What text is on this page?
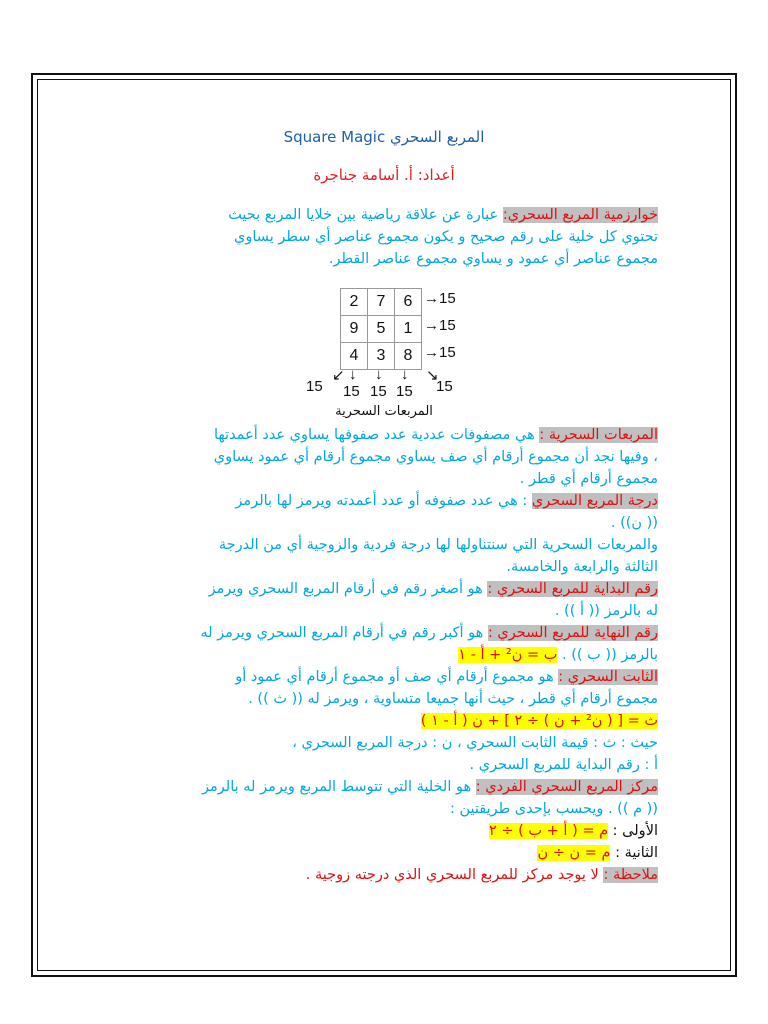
المربع السحري Square Magic
أعداد: أ. أسامة جناجرة
خوارزمية المربع السحري: عبارة عن علاقة رياضية بين خلايا المربع بحيث
تحتوي كل خلية على رقم صحيح و يكون مجموع عناصر أي سطر يساوي
مجموع عناصر أي عمود و يساوي مجموع عناصر القطر.
2	7	6
9	5	1
4	3	8
→15
→15
→15
↙ ↓ ↓ ↓ ↘
15 15 15 15 15
المربعات السحرية
المربعات السحرية : هي مصفوفات عددية عدد صفوفها يساوي عدد أعمدتها
، وفيها نجد أن مجموع أرقام أي صف يساوي مجموع أرقام أي عمود يساوي
مجموع أرقام أي قطر .
درجة المربع السحري : هي عدد صفوفه أو عدد أعمدته ويرمز لها بالرمز
(( ن)) .
والمربعات السحرية التي سنتناولها لها درجة فردية والزوجية أي من الدرجة
الثالثة والرابعة والخامسة.
رقم البداية للمربع السحري : هو أصغر رقم في أرقام المربع السحري ويرمز
له بالرمز (( أ )) .
رقم النهاية للمربع السحري : هو أكبر رقم في أرقام المربع السحري ويرمز له
بالرمز (( ب )) . ب = ن² + أ - ١
الثابت السحري : هو مجموع أرقام أي صف أو مجموع أرقام أي عمود أو
مجموع أرقام أي قطر ، حيث أنها جميعا متساوية ، ويرمز له (( ث )) .
ث = [ ( ن² + ن ) ÷ ٢ ] + ن ( أ - ١ )
حيث : ث : قيمة الثابت السحري ، ن : درجة المربع السحري ،
أ : رقم البداية للمربع السحري .
مركز المربع السحري الفردي : هو الخلية التي تتوسط المربع ويرمز له بالرمز
(( م )) . ويحسب بإحدى طريقتين :
الأولى : م = ( أ + ب ) ÷ ٢
الثانية : م = ن ÷ ن
ملاحظة : لا يوجد مركز للمربع السحري الذي درجته زوجية .
